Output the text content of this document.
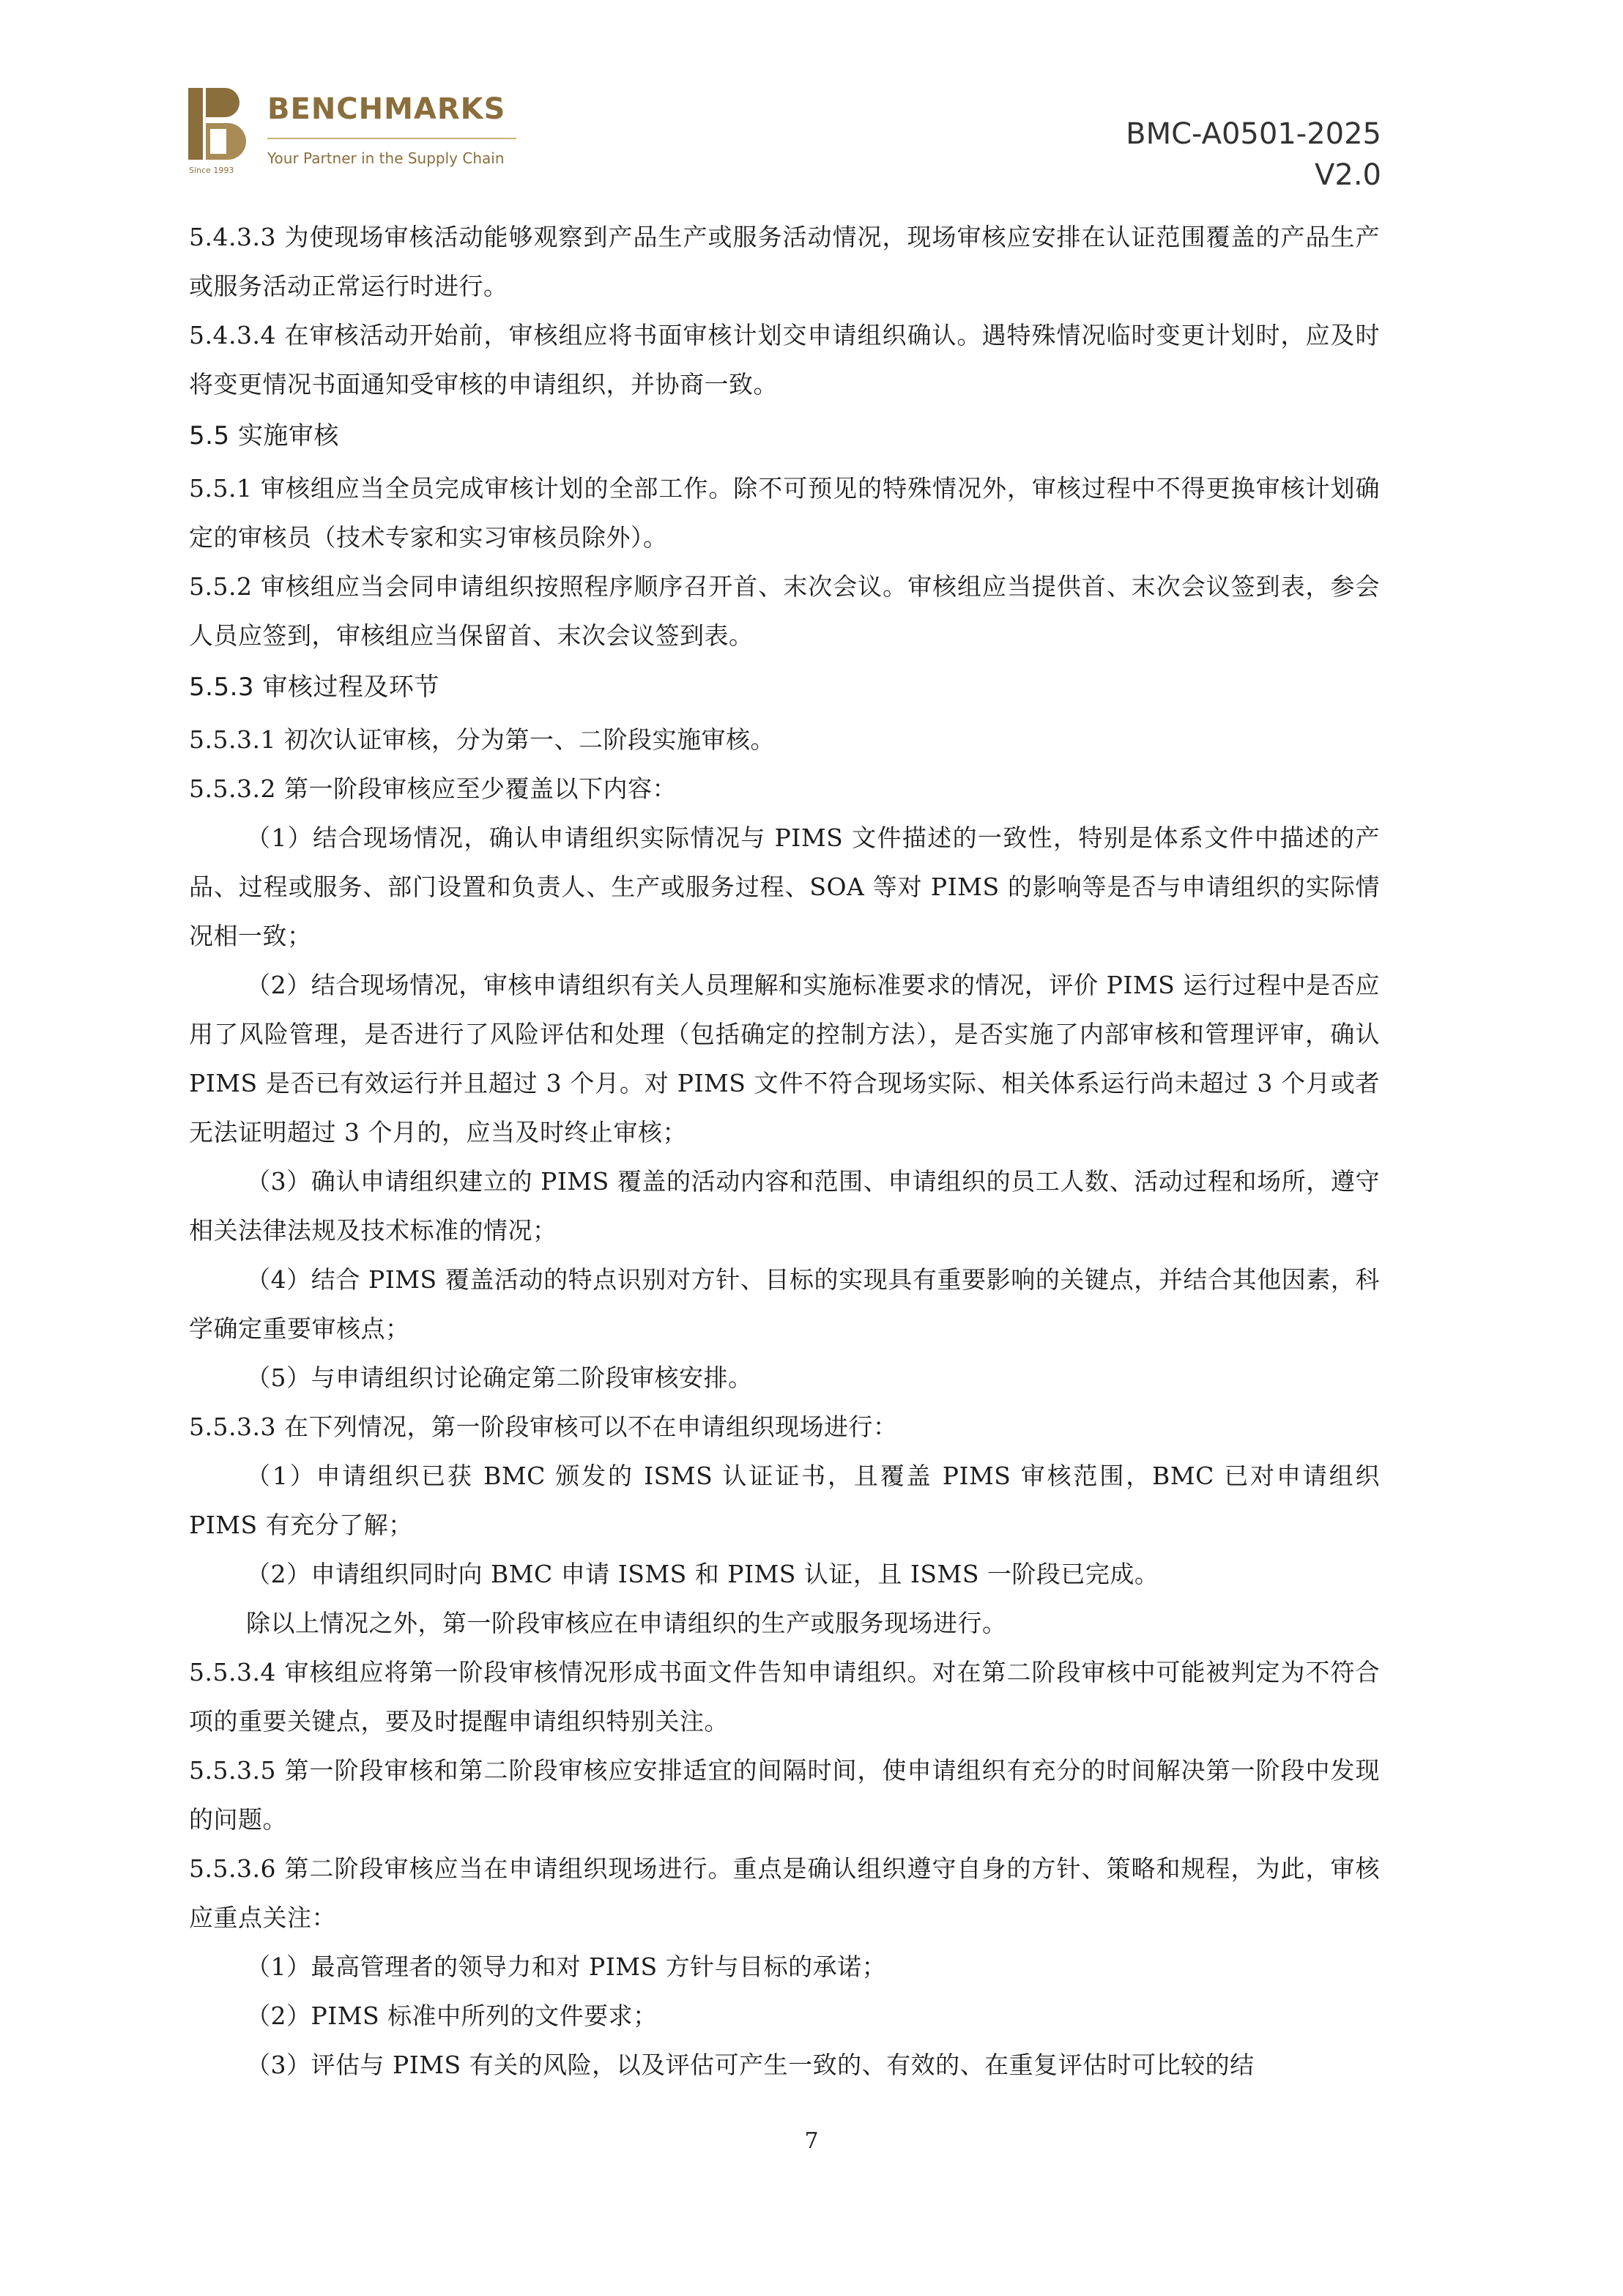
BENCHMARKS
Your Partner in the Supply Chain
Since 1993
BMC-A0501-2025
V2.0

5.4.3.3 为使现场审核活动能够观察到产品生产或服务活动情况，现场审核应安排在认证范围覆盖的产品生产或服务活动正常运行时进行。

5.4.3.4 在审核活动开始前，审核组应将书面审核计划交申请组织确认。遇特殊情况临时变更计划时，应及时将变更情况书面通知受审核的申请组织，并协商一致。

5.5 实施审核

5.5.1 审核组应当全员完成审核计划的全部工作。除不可预见的特殊情况外，审核过程中不得更换审核计划确定的审核员（技术专家和实习审核员除外）。

5.5.2 审核组应当会同申请组织按照程序顺序召开首、末次会议。审核组应当提供首、末次会议签到表，参会人员应签到，审核组应当保留首、末次会议签到表。

5.5.3 审核过程及环节

5.5.3.1 初次认证审核，分为第一、二阶段实施审核。

5.5.3.2 第一阶段审核应至少覆盖以下内容：

（1）结合现场情况，确认申请组织实际情况与 PIMS 文件描述的一致性，特别是体系文件中描述的产品、过程或服务、部门设置和负责人、生产或服务过程、SOA 等对 PIMS 的影响等是否与申请组织的实际情况相一致；

（2）结合现场情况，审核申请组织有关人员理解和实施标准要求的情况，评价 PIMS 运行过程中是否应用了风险管理，是否进行了风险评估和处理（包括确定的控制方法），是否实施了内部审核和管理评审，确认 PIMS 是否已有效运行并且超过 3 个月。对 PIMS 文件不符合现场实际、相关体系运行尚未超过 3 个月或者无法证明超过 3 个月的，应当及时终止审核；

（3）确认申请组织建立的 PIMS 覆盖的活动内容和范围、申请组织的员工人数、活动过程和场所，遵守相关法律法规及技术标准的情况；

（4）结合 PIMS 覆盖活动的特点识别对方针、目标的实现具有重要影响的关键点，并结合其他因素，科学确定重要审核点；

（5）与申请组织讨论确定第二阶段审核安排。

5.5.3.3 在下列情况，第一阶段审核可以不在申请组织现场进行：

（1）申请组织已获 BMC 颁发的 ISMS 认证证书，且覆盖 PIMS 审核范围，BMC 已对申请组织 PIMS 有充分了解；

（2）申请组织同时向 BMC 申请 ISMS 和 PIMS 认证，且 ISMS 一阶段已完成。

除以上情况之外，第一阶段审核应在申请组织的生产或服务现场进行。

5.5.3.4 审核组应将第一阶段审核情况形成书面文件告知申请组织。对在第二阶段审核中可能被判定为不符合项的重要关键点，要及时提醒申请组织特别关注。

5.5.3.5 第一阶段审核和第二阶段审核应安排适宜的间隔时间，使申请组织有充分的时间解决第一阶段中发现的问题。

5.5.3.6 第二阶段审核应当在申请组织现场进行。重点是确认组织遵守自身的方针、策略和规程，为此，审核应重点关注：

（1）最高管理者的领导力和对 PIMS 方针与目标的承诺；

（2）PIMS 标准中所列的文件要求；

（3）评估与 PIMS 有关的风险，以及评估可产生一致的、有效的、在重复评估时可比较的结

7
